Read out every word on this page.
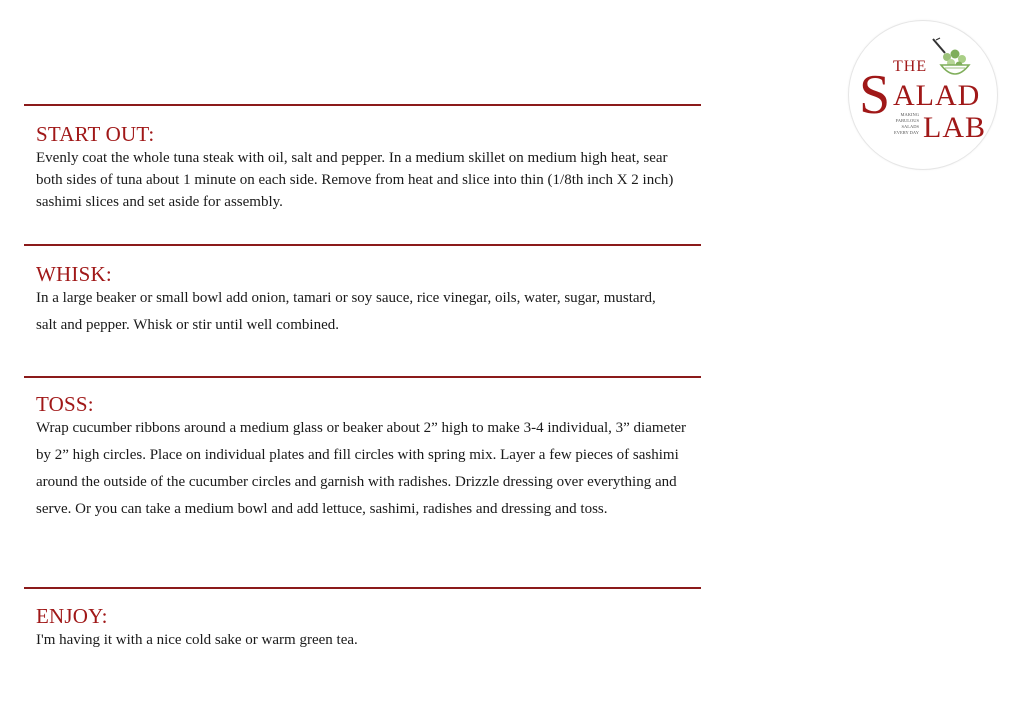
START OUT:
Evenly coat the whole tuna steak with oil, salt and pepper. In a medium skillet on medium high heat, sear both sides of tuna about 1 minute on each side. Remove from heat and slice into thin (1/8th inch X 2 inch) sashimi slices and set aside for assembly.
WHISK:
In a large beaker or small bowl add onion, tamari or soy sauce, rice vinegar, oils, water, sugar, mustard, salt and pepper. Whisk or stir until well combined.
TOSS:
Wrap cucumber ribbons around a medium glass or beaker about 2” high to make 3-4 individual, 3” diameter by 2” high circles. Place on individual plates and fill circles with spring mix. Layer a few pieces of sashimi around the outside of the cucumber circles and garnish with radishes. Drizzle dressing over everything and serve. Or you can take a medium bowl and add lettuce, sashimi, radishes and dressing and toss.
ENJOY:
I'm having it with a nice cold sake or warm green tea.
THE
S ALAD
LAB
MAKING
FABULOUS
SALADS
EVERY DAY
